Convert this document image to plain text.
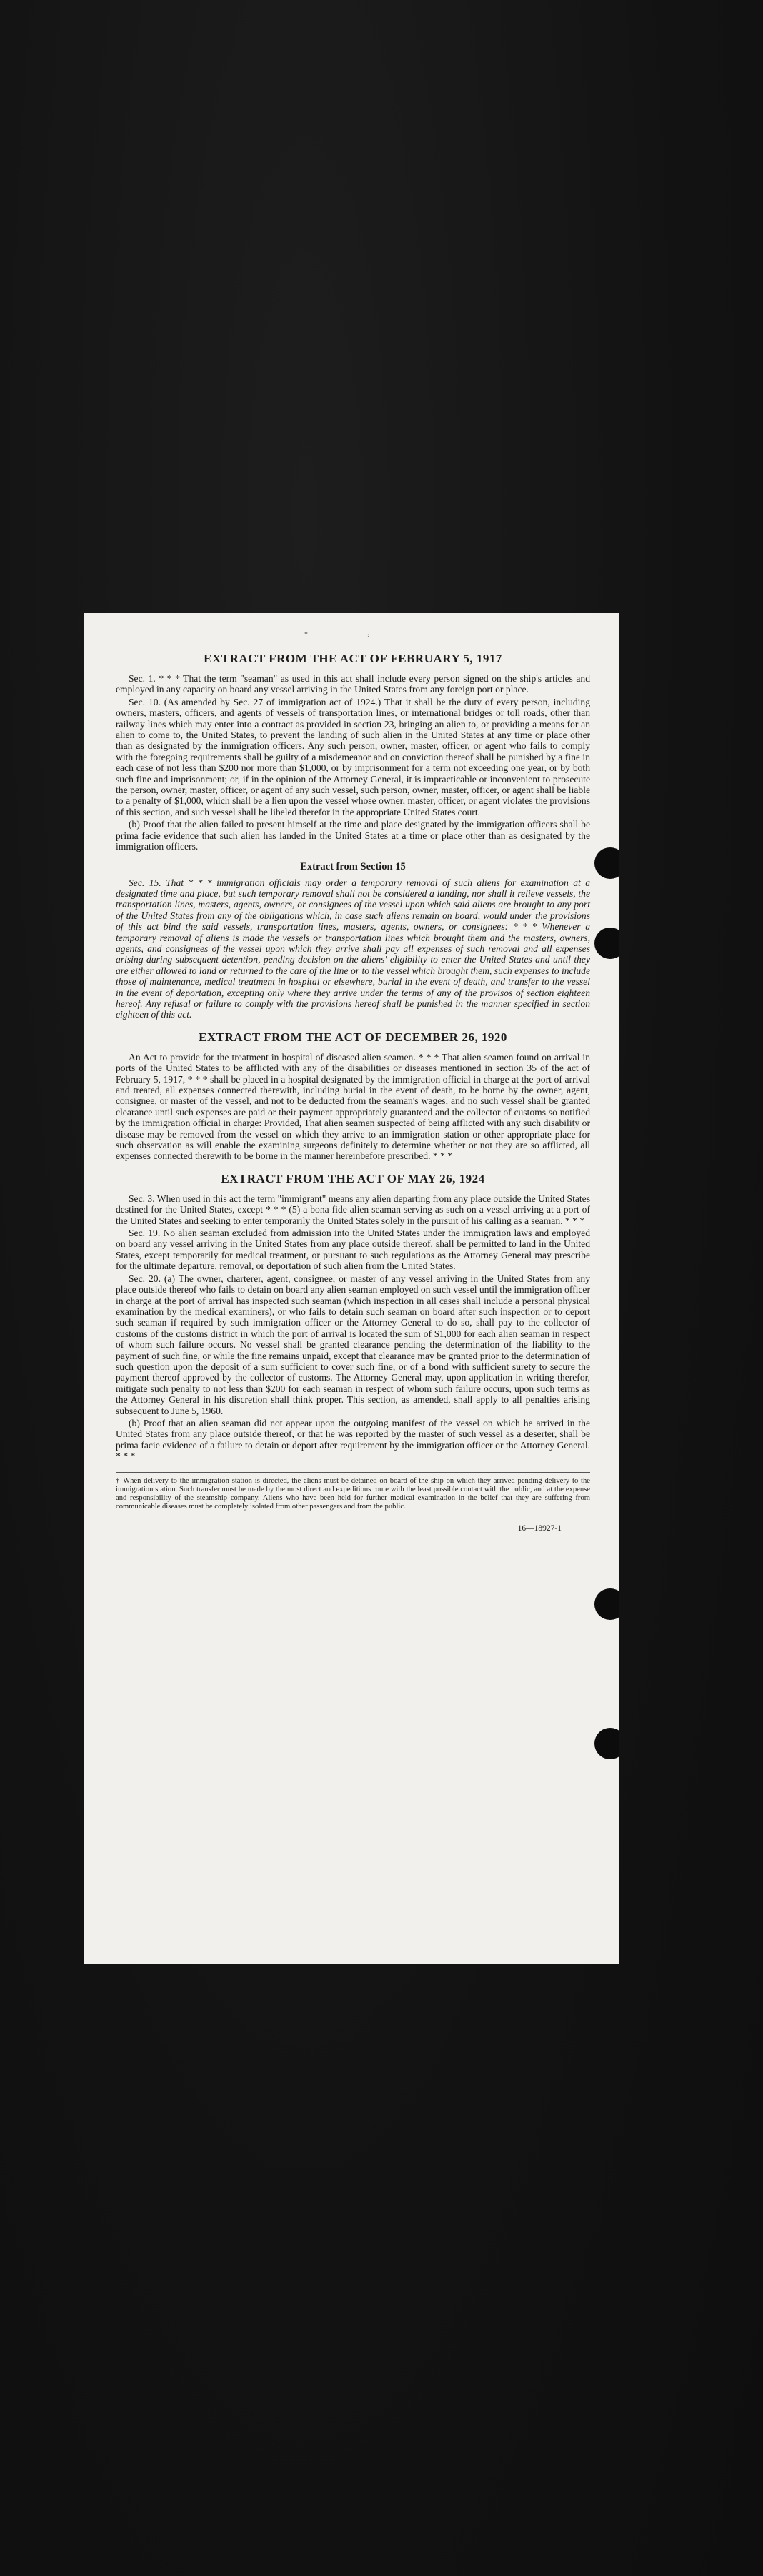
- ,
EXTRACT FROM THE ACT OF FEBRUARY 5, 1917

Sec. 1. * * * That the term "seaman" as used in this act shall include every person signed on the ship's articles and employed in any capacity on board any vessel arriving in the United States from any foreign port or place.

Sec. 10. (As amended by Sec. 27 of immigration act of 1924.) That it shall be the duty of every person, including owners, masters, officers, and agents of vessels of transportation lines, or international bridges or toll roads, other than railway lines which may enter into a contract as provided in section 23, bringing an alien to, or providing a means for an alien to come to, the United States, to prevent the landing of such alien in the United States at any time or place other than as designated by the immigration officers. Any such person, owner, master, officer, or agent who fails to comply with the foregoing requirements shall be guilty of a misdemeanor and on conviction thereof shall be punished by a fine in each case of not less than $200 nor more than $1,000, or by imprisonment for a term not exceeding one year, or by both such fine and imprisonment; or, if in the opinion of the Attorney General, it is impracticable or inconvenient to prosecute the person, owner, master, officer, or agent of any such vessel, such person, owner, master, officer, or agent shall be liable to a penalty of $1,000, which shall be a lien upon the vessel whose owner, master, officer, or agent violates the provisions of this section, and such vessel shall be libeled therefor in the appropriate United States court.

(b) Proof that the alien failed to present himself at the time and place designated by the immigration officers shall be prima facie evidence that such alien has landed in the United States at a time or place other than as designated by the immigration officers.

Extract from Section 15

Sec. 15. That * * * immigration officials may order a temporary removal of such aliens for examination at a designated time and place, but such temporary removal shall not be considered a landing, nor shall it relieve vessels, the transportation lines, masters, agents, owners, or consignees of the vessel upon which said aliens are brought to any port of the United States from any of the obligations which, in case such aliens remain on board, would under the provisions of this act bind the said vessels, transportation lines, masters, agents, owners, or consignees: * * * Whenever a temporary removal of aliens is made the vessels or transportation lines which brought them and the masters, owners, agents, and consignees of the vessel upon which they arrive shall pay all expenses of such removal and all expenses arising during subsequent detention, pending decision on the aliens' eligibility to enter the United States and until they are either allowed to land or returned to the care of the line or to the vessel which brought them, such expenses to include those of maintenance, medical treatment in hospital or elsewhere, burial in the event of death, and transfer to the vessel in the event of deportation, excepting only where they arrive under the terms of any of the provisos of section eighteen hereof. Any refusal or failure to comply with the provisions hereof shall be punished in the manner specified in section eighteen of this act.

EXTRACT FROM THE ACT OF DECEMBER 26, 1920

An Act to provide for the treatment in hospital of diseased alien seamen. * * * That alien seamen found on arrival in ports of the United States to be afflicted with any of the disabilities or diseases mentioned in section 35 of the act of February 5, 1917, * * * shall be placed in a hospital designated by the immigration official in charge at the port of arrival and treated, all expenses connected therewith, including burial in the event of death, to be borne by the owner, agent, consignee, or master of the vessel, and not to be deducted from the seaman's wages, and no such vessel shall be granted clearance until such expenses are paid or their payment appropriately guaranteed and the collector of customs so notified by the immigration official in charge: Provided, That alien seamen suspected of being afflicted with any such disability or disease may be removed from the vessel on which they arrive to an immigration station or other appropriate place for such observation as will enable the examining surgeons definitely to determine whether or not they are so afflicted, all expenses connected therewith to be borne in the manner hereinbefore prescribed. * * *

EXTRACT FROM THE ACT OF MAY 26, 1924

Sec. 3. When used in this act the term "immigrant" means any alien departing from any place outside the United States destined for the United States, except * * * (5) a bona fide alien seaman serving as such on a vessel arriving at a port of the United States and seeking to enter temporarily the United States solely in the pursuit of his calling as a seaman. * * *

Sec. 19. No alien seaman excluded from admission into the United States under the immigration laws and employed on board any vessel arriving in the United States from any place outside thereof, shall be permitted to land in the United States, except temporarily for medical treatment, or pursuant to such regulations as the Attorney General may prescribe for the ultimate departure, removal, or deportation of such alien from the United States.

Sec. 20. (a) The owner, charterer, agent, consignee, or master of any vessel arriving in the United States from any place outside thereof who fails to detain on board any alien seaman employed on such vessel until the immigration officer in charge at the port of arrival has inspected such seaman (which inspection in all cases shall include a personal physical examination by the medical examiners), or who fails to detain such seaman on board after such inspection or to deport such seaman if required by such immigration officer or the Attorney General to do so, shall pay to the collector of customs of the customs district in which the port of arrival is located the sum of $1,000 for each alien seaman in respect of whom such failure occurs. No vessel shall be granted clearance pending the determination of the liability to the payment of such fine, or while the fine remains unpaid, except that clearance may be granted prior to the determination of such question upon the deposit of a sum sufficient to cover such fine, or of a bond with sufficient surety to secure the payment thereof approved by the collector of customs. The Attorney General may, upon application in writing therefor, mitigate such penalty to not less than $200 for each seaman in respect of whom such failure occurs, upon such terms as the Attorney General in his discretion shall think proper. This section, as amended, shall apply to all penalties arising subsequent to June 5, 1960.

(b) Proof that an alien seaman did not appear upon the outgoing manifest of the vessel on which he arrived in the United States from any place outside thereof, or that he was reported by the master of such vessel as a deserter, shall be prima facie evidence of a failure to detain or deport after requirement by the immigration officer or the Attorney General. * * *

† When delivery to the immigration station is directed, the aliens must be detained on board of the ship on which they arrived pending delivery to the immigration station. Such transfer must be made by the most direct and expeditious route with the least possible contact with the public, and at the expense and responsibility of the steamship company. Aliens who have been held for further medical examination in the belief that they are suffering from communicable diseases must be completely isolated from other passengers and from the public.
16—18927-1
